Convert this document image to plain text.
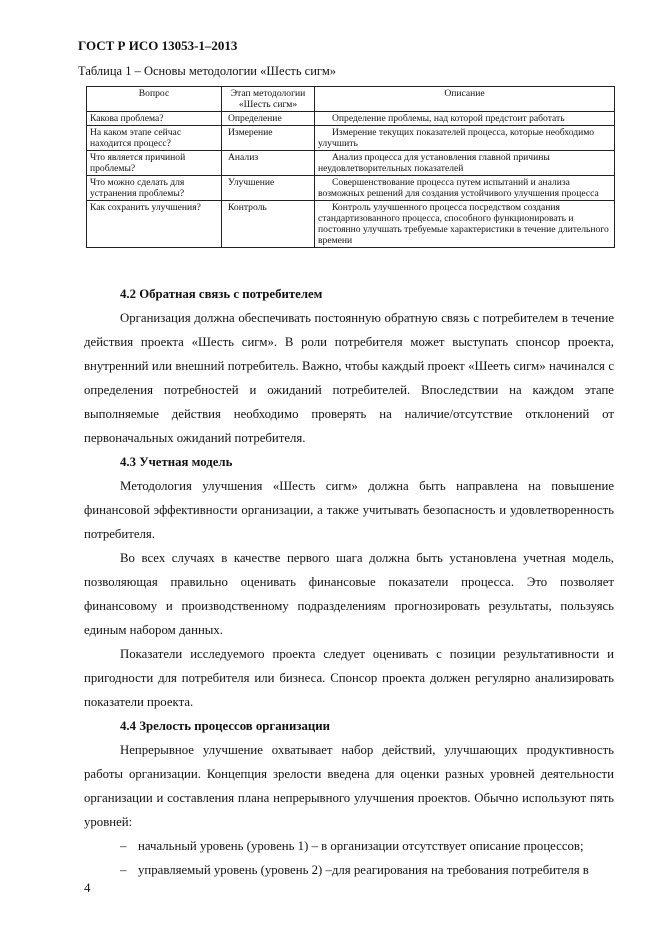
ГОСТ Р ИСО 13053-1–2013
Таблица 1 – Основы методологии «Шесть сигм»
Вопрос	Этап методологии «Шесть сигм»	Описание
Какова проблема?	Определение	Определение проблемы, над которой предстоит работать
На каком этапе сейчас находится процесс?	Измерение	Измерение текущих показателей процесса, которые необходимо улучшить
Что является причиной проблемы?	Анализ	Анализ процесса для установления главной причины неудовлетворительных показателей
Что можно сделать для устранения проблемы?	Улучшение	Совершенствование процесса путем испытаний и анализа возможных решений для создания устойчивого улучшения процесса
Как сохранить улучшения?	Контроль	Контроль улучшенного процесса посредством создания стандартизованного процесса, способного функционировать и постоянно улучшать требуемые характеристики в течение длительного времени

4.2 Обратная связь с потребителем

Организация должна обеспечивать постоянную обратную связь с потребителем в течение действия проекта «Шесть сигм». В роли потребителя может выступать спонсор проекта, внутренний или внешний потребитель. Важно, чтобы каждый проект «Шееть сигм» начинался с определения потребностей и ожиданий потребителей. Впоследствии на каждом этапе выполняемые действия необходимо проверять на наличие/отсутствие отклонений от первоначальных ожиданий потребителя.

4.3 Учетная модель

Методология улучшения «Шесть сигм» должна быть направлена на повышение финансовой эффективности организации, а также учитывать безопасность и удовлетворенность потребителя.

Во всех случаях в качестве первого шага должна быть установлена учетная модель, позволяющая правильно оценивать финансовые показатели процесса. Это позволяет финансовому и производственному подразделениям прогнозировать результаты, пользуясь единым набором данных.

Показатели исследуемого проекта следует оценивать с позиции результативности и пригодности для потребителя или бизнеса. Спонсор проекта должен регулярно анализировать показатели проекта.

4.4 Зрелость процессов организации

Непрерывное улучшение охватывает набор действий, улучшающих продуктивность работы организации. Концепция зрелости введена для оценки разных уровней деятельности организации и составления плана непрерывного улучшения проектов. Обычно используют пять уровней:

– начальный уровень (уровень 1) – в организации отсутствует описание процессов;

– управляемый уровень (уровень 2) –для реагирования на требования потребителя в

4
